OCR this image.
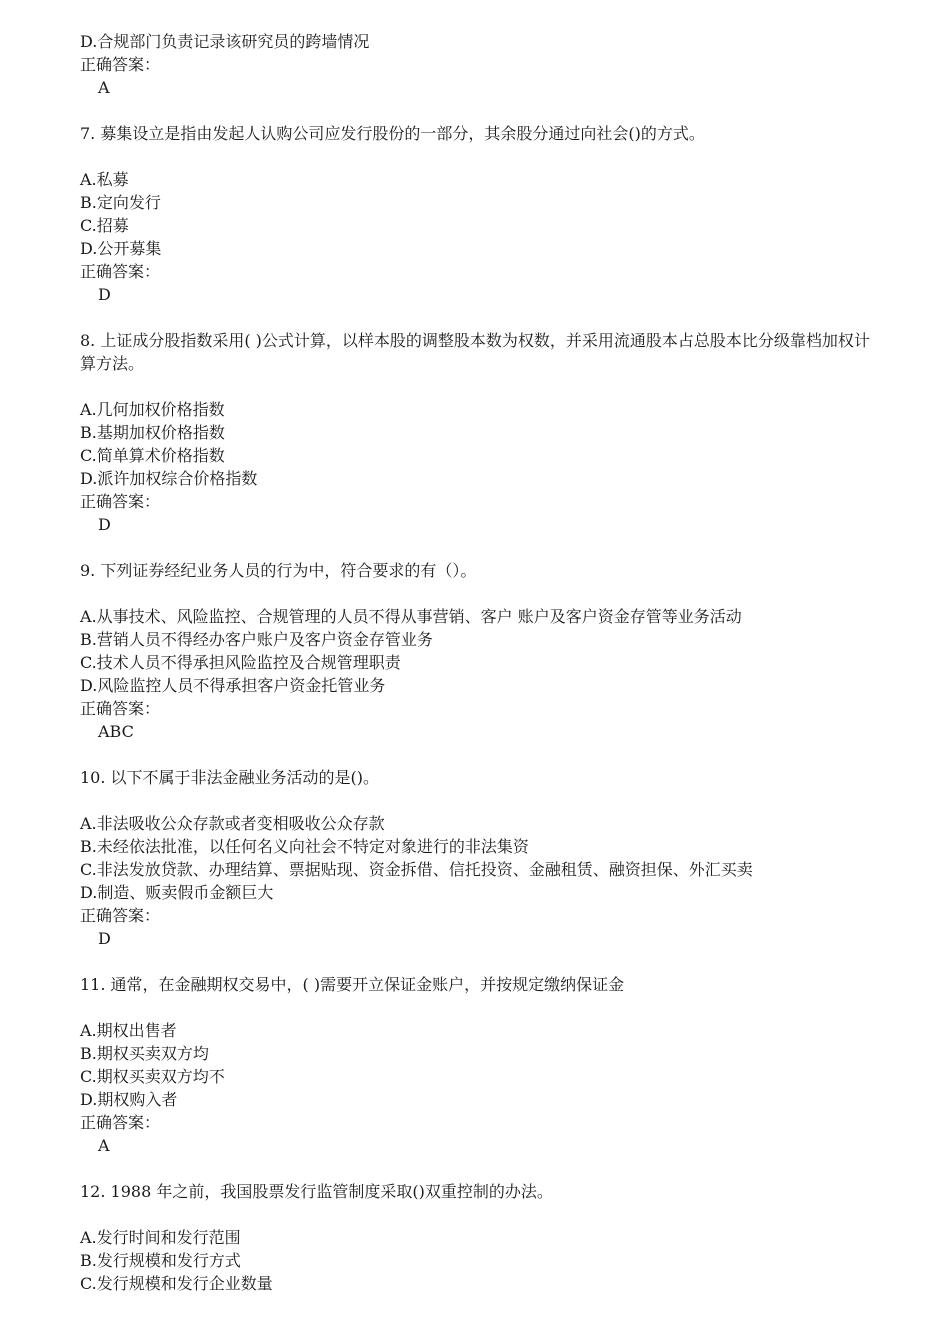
D.合规部门负责记录该研究员的跨墙情况
正确答案：
A
7. 募集设立是指由发起人认购公司应发行股份的一部分，其余股分通过向社会()的方式。
A.私募
B.定向发行
C.招募
D.公开募集
正确答案：
D
8. 上证成分股指数采用( )公式计算，以样本股的调整股本数为权数，并采用流通股本占总股本比分级靠档加权计算方法。
A.几何加权价格指数
B.基期加权价格指数
C.简单算术价格指数
D.派许加权综合价格指数
正确答案：
D
9. 下列证券经纪业务人员的行为中，符合要求的有（）。
A.从事技术、风险监控、合规管理的人员不得从事营销、客户 账户及客户资金存管等业务活动
B.营销人员不得经办客户账户及客户资金存管业务
C.技术人员不得承担风险监控及合规管理职责
D.风险监控人员不得承担客户资金托管业务
正确答案：
ABC
10. 以下不属于非法金融业务活动的是()。
A.非法吸收公众存款或者变相吸收公众存款
B.未经依法批准，以任何名义向社会不特定对象进行的非法集资
C.非法发放贷款、办理结算、票据贴现、资金拆借、信托投资、金融租赁、融资担保、外汇买卖
D.制造、贩卖假币金额巨大
正确答案：
D
11. 通常，在金融期权交易中，( )需要开立保证金账户，并按规定缴纳保证金
A.期权出售者
B.期权买卖双方均
C.期权买卖双方均不
D.期权购入者
正确答案：
A
12. 1988 年之前，我国股票发行监管制度采取()双重控制的办法。
A.发行时间和发行范围
B.发行规模和发行方式
C.发行规模和发行企业数量
